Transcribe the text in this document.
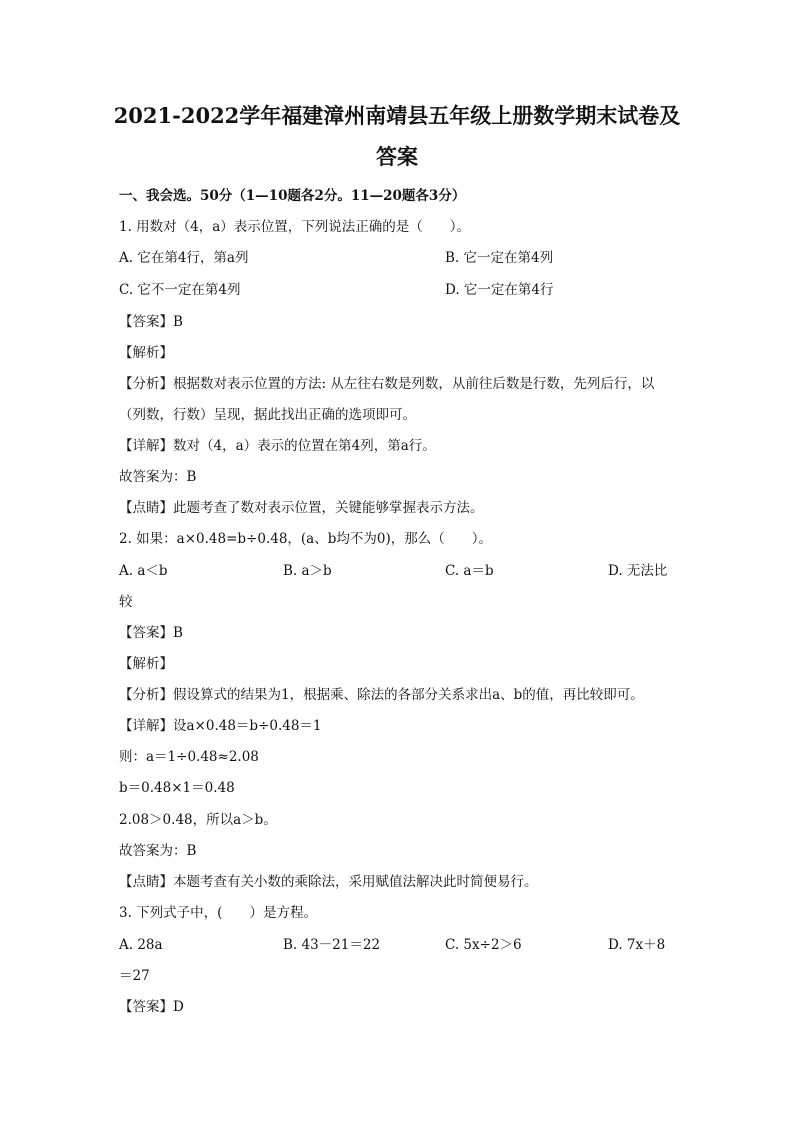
2021-2022学年福建漳州南靖县五年级上册数学期末试卷及
答案
一、我会选。50分（1—10题各2分。11—20题各3分）
1. 用数对（4，a）表示位置，下列说法正确的是（　　）。
A. 它在第4行，第a列	B. 它一定在第4列
C. 它不一定在第4列	D. 它一定在第4行
【答案】B
【解析】
【分析】根据数对表示位置的方法: 从左往右数是列数，从前往后数是行数，先列后行，以
（列数，行数）呈现，据此找出正确的选项即可。
【详解】数对（4，a）表示的位置在第4列，第a行。
故答案为：B
【点睛】此题考查了数对表示位置，关键能够掌握表示方法。
2. 如果：a×0.48=b÷0.48，(a、b均不为0)，那么（　　）。
A. a＜b	B. a＞b	C. a＝b	D. 无法比
较
【答案】B
【解析】
【分析】假设算式的结果为1，根据乘、除法的各部分关系求出a、b的值，再比较即可。
【详解】设a×0.48＝b÷0.48＝1
则：a＝1÷0.48≈2.08
b＝0.48×1＝0.48
2.08＞0.48，所以a＞b。
故答案为：B
【点睛】本题考查有关小数的乘除法，采用赋值法解决此时简便易行。
3. 下列式子中，(　　）是方程。
A. 28a	B. 43－21＝22	C. 5x÷2＞6	D. 7x＋8
＝27
【答案】D
